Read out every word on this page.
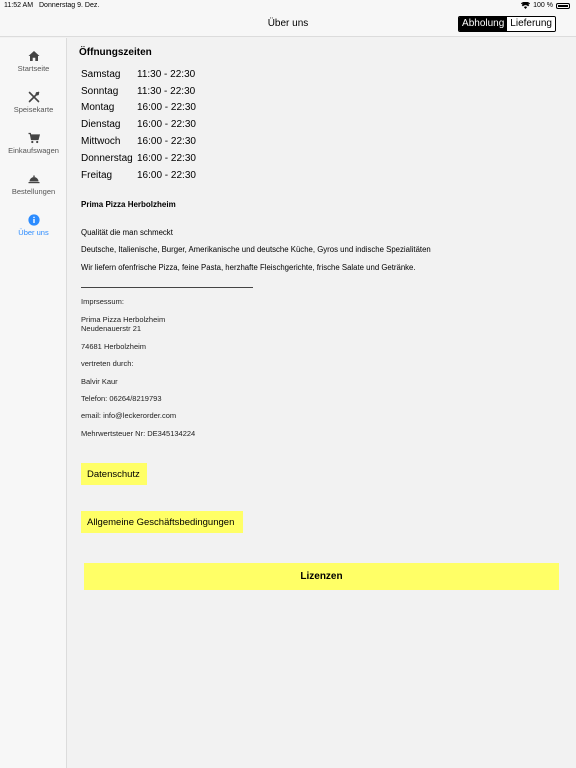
11:52 AM Donnerstag 9. Dez.	100 %
Über uns	Abholung Lieferung
Startseite
Speisekarte
Einkaufswagen
Bestellungen
Über uns
Öffnungszeiten
Samstag	11:30 - 22:30
Sonntag	11:30 - 22:30
Montag	16:00 - 22:30
Dienstag	16:00 - 22:30
Mittwoch	16:00 - 22:30
Donnerstag 16:00 - 22:30
Freitag	16:00 - 22:30
Prima Pizza Herbolzheim
Qualität die man schmeckt
Deutsche, Italienische, Burger, Amerikanische und deutsche Küche, Gyros und indische Spezialitäten
Wir liefern ofenfrische Pizza, feine Pasta, herzhafte Fleischgerichte, frische Salate und Getränke.
Imprsessum:
Prima Pizza Herbolzheim
Neudenauerstr 21
74681 Herbolzheim
vertreten durch:
Balvir Kaur
Telefon: 06264/8219793
email: info@leckerorder.com
Mehrwertsteuer Nr: DE345134224
Datenschutz
Allgemeine Geschäftsbedingungen
Lizenzen
